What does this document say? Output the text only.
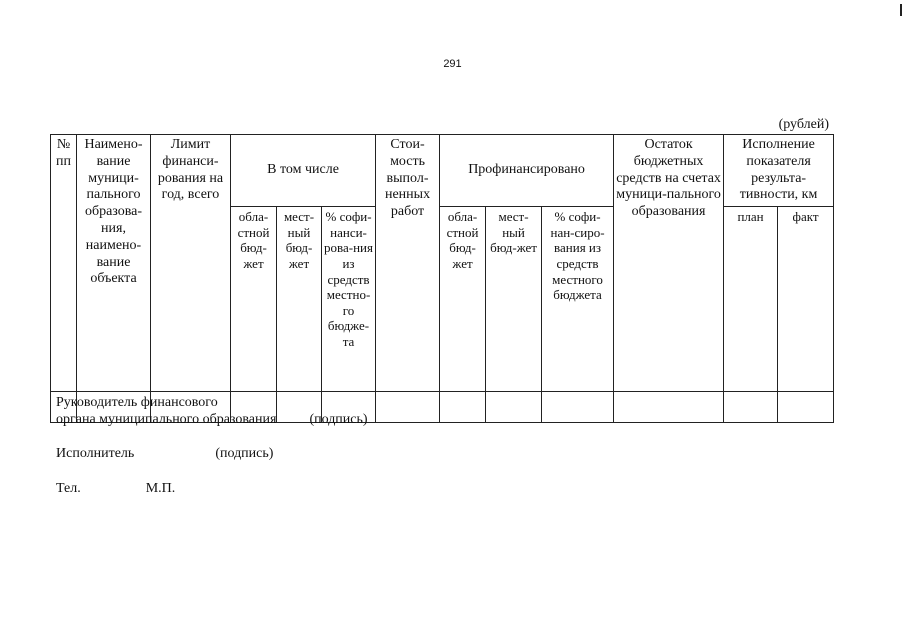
291
(рублей)
№ пп	Наимено-вание муници-пального образова-ния, наимено-вание объекта	Лимит финанси-рования на год, всего	В том числе			Стои-мость выпол-ненных работ	Профинансировано			Остаток бюджетных средств на счетах муници-пального образования	Исполнение показателя результа-тивности, км	
			обла-стной бюд-жет	мест-ный бюд-жет	% софи-нанси-рова-ния из средств местно-го бюдже-та		обла-стной бюд-жет	мест-ный бюд-жет	% софи-нан-сиро-вания из средств местного бюджета		план	факт

Руководитель финансового
органа муниципального образования (подпись)
Исполнитель	(подпись)
Тел.	М.П.
